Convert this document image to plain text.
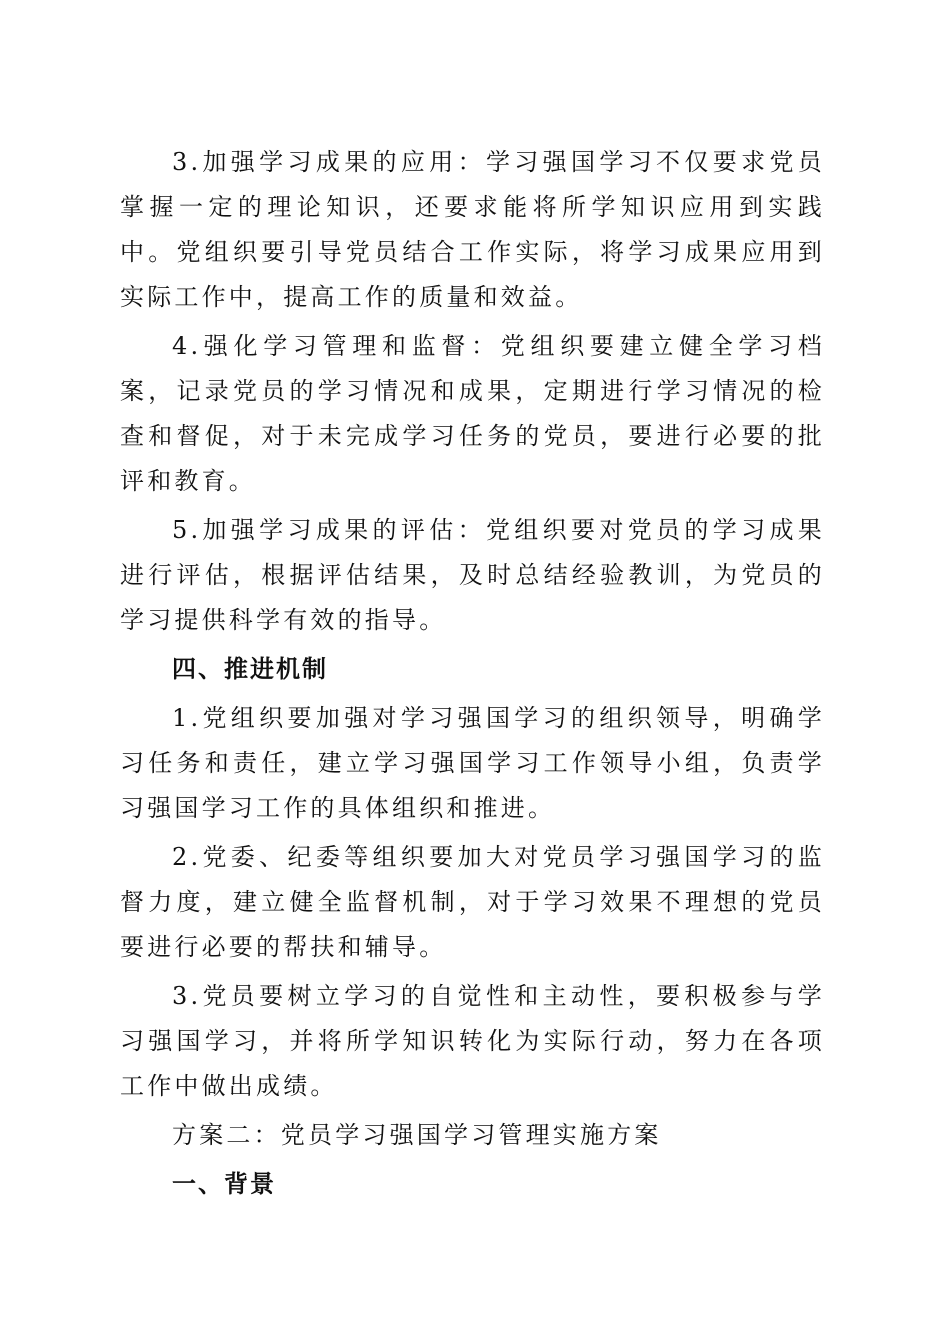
3.加强学习成果的应用：学习强国学习不仅要求党员掌握一定的理论知识，还要求能将所学知识应用到实践中。党组织要引导党员结合工作实际，将学习成果应用到实际工作中，提高工作的质量和效益。

4.强化学习管理和监督：党组织要建立健全学习档案，记录党员的学习情况和成果，定期进行学习情况的检查和督促，对于未完成学习任务的党员，要进行必要的批评和教育。

5.加强学习成果的评估：党组织要对党员的学习成果进行评估，根据评估结果，及时总结经验教训，为党员的学习提供科学有效的指导。

四、推进机制

1.党组织要加强对学习强国学习的组织领导，明确学习任务和责任，建立学习强国学习工作领导小组，负责学习强国学习工作的具体组织和推进。

2.党委、纪委等组织要加大对党员学习强国学习的监督力度，建立健全监督机制，对于学习效果不理想的党员要进行必要的帮扶和辅导。

3.党员要树立学习的自觉性和主动性，要积极参与学习强国学习，并将所学知识转化为实际行动，努力在各项工作中做出成绩。

方案二：党员学习强国学习管理实施方案

一、背景
